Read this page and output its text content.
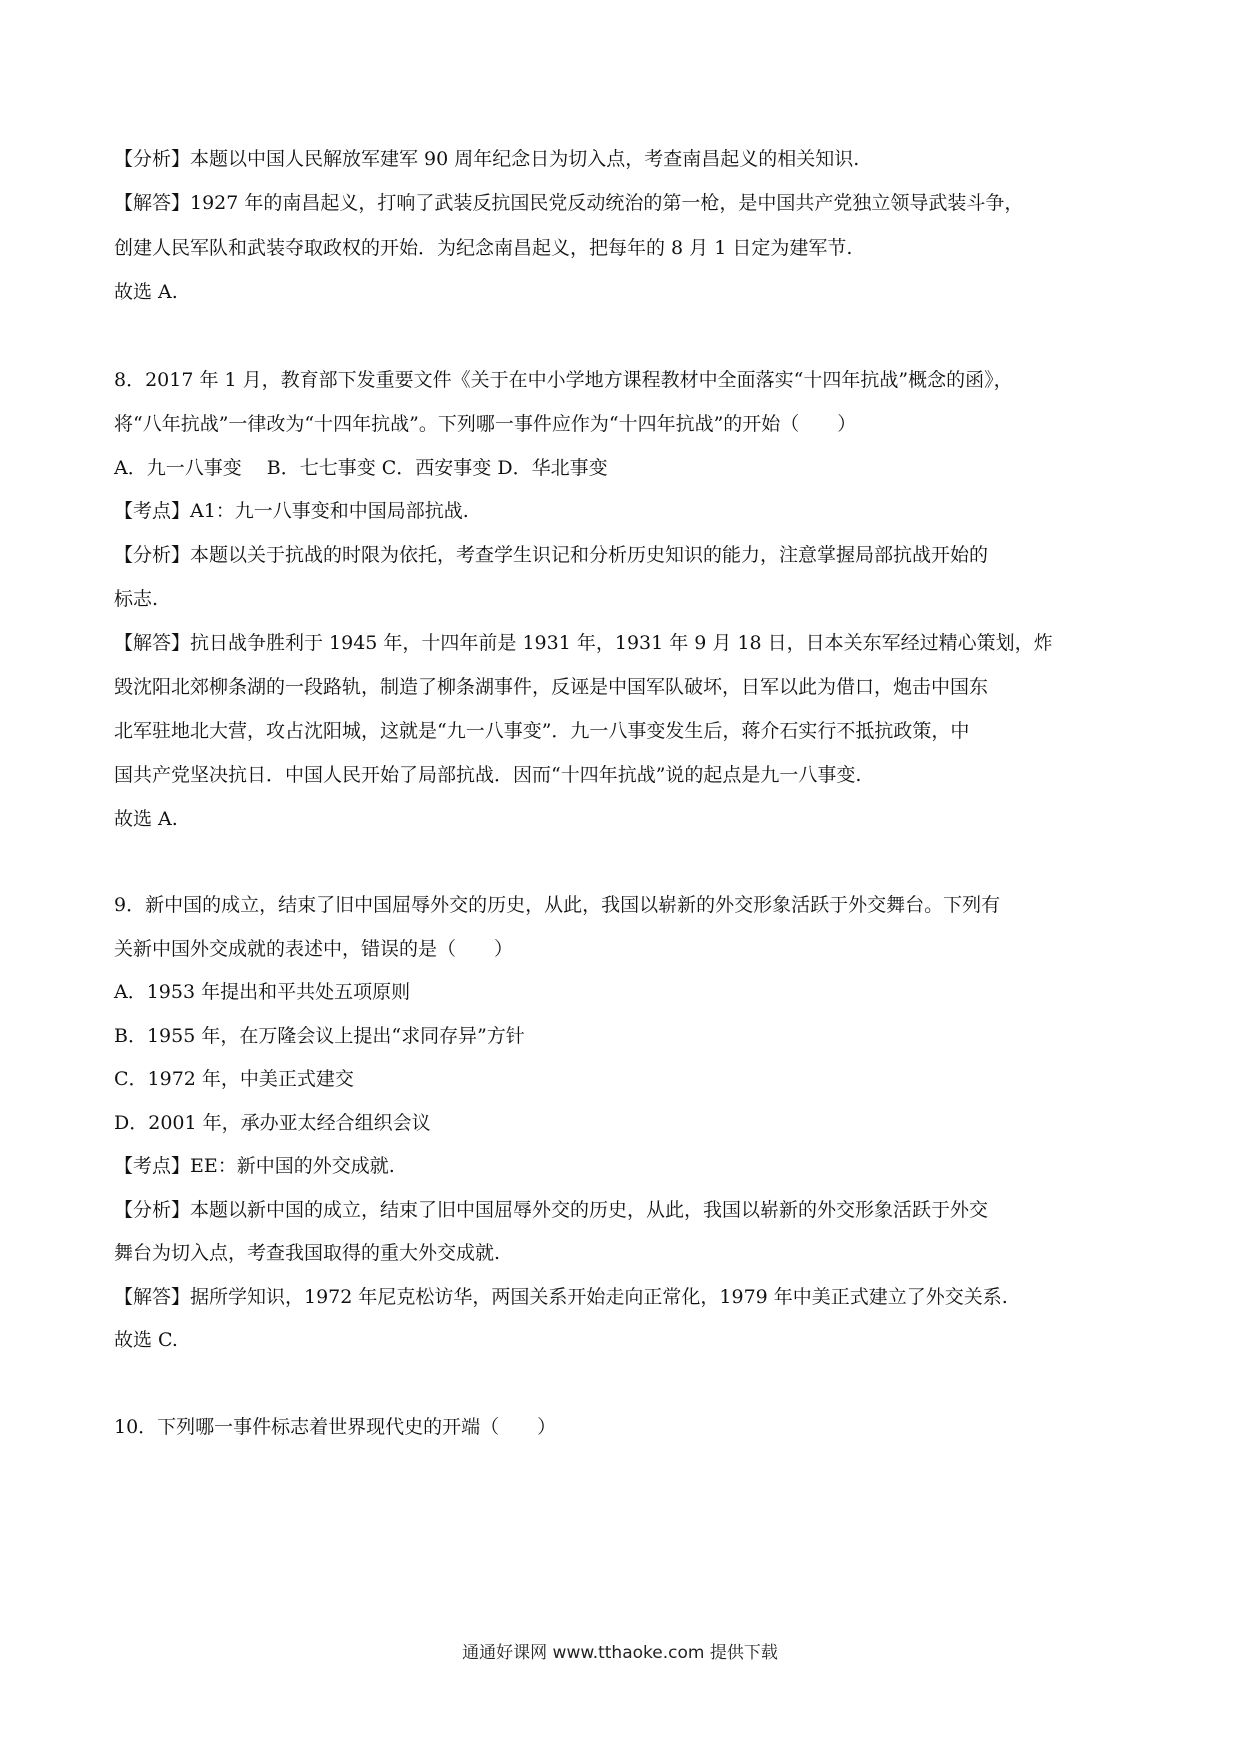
【分析】本题以中国人民解放军建军 90 周年纪念日为切入点，考查南昌起义的相关知识.
【解答】1927 年的南昌起义，打响了武装反抗国民党反动统治的第一枪，是中国共产党独立领导武装斗争，
创建人民军队和武装夺取政权的开始．为纪念南昌起义，把每年的 8 月 1 日定为建军节.
故选 A.
8．2017 年 1 月，教育部下发重要文件《关于在中小学地方课程教材中全面落实“十四年抗战”概念的函》，
将“八年抗战”一律改为“十四年抗战”。下列哪一事件应作为“十四年抗战”的开始（　　）
A．九一八事变　 B．七七事变 C．西安事变 D．华北事变
【考点】A1：九一八事变和中国局部抗战.
【分析】本题以关于抗战的时限为依托，考查学生识记和分析历史知识的能力，注意掌握局部抗战开始的
标志.
【解答】抗日战争胜利于 1945 年，十四年前是 1931 年，1931 年 9 月 18 日，日本关东军经过精心策划，炸
毁沈阳北郊柳条湖的一段路轨，制造了柳条湖事件，反诬是中国军队破坏，日军以此为借口，炮击中国东
北军驻地北大营，攻占沈阳城，这就是“九一八事变”．九一八事变发生后，蒋介石实行不抵抗政策，中
国共产党坚决抗日．中国人民开始了局部抗战．因而“十四年抗战”说的起点是九一八事变.
故选 A.
9．新中国的成立，结束了旧中国屈辱外交的历史，从此，我国以崭新的外交形象活跃于外交舞台。下列有
关新中国外交成就的表述中，错误的是（　　）
A．1953 年提出和平共处五项原则
B．1955 年，在万隆会议上提出“求同存异”方针
C．1972 年，中美正式建交
D．2001 年，承办亚太经合组织会议
【考点】EE：新中国的外交成就.
【分析】本题以新中国的成立，结束了旧中国屈辱外交的历史，从此，我国以崭新的外交形象活跃于外交
舞台为切入点，考查我国取得的重大外交成就.
【解答】据所学知识，1972 年尼克松访华，两国关系开始走向正常化，1979 年中美正式建立了外交关系.
故选 C.
10．下列哪一事件标志着世界现代史的开端（　　）
通通好课网 www.tthaoke.com 提供下载
